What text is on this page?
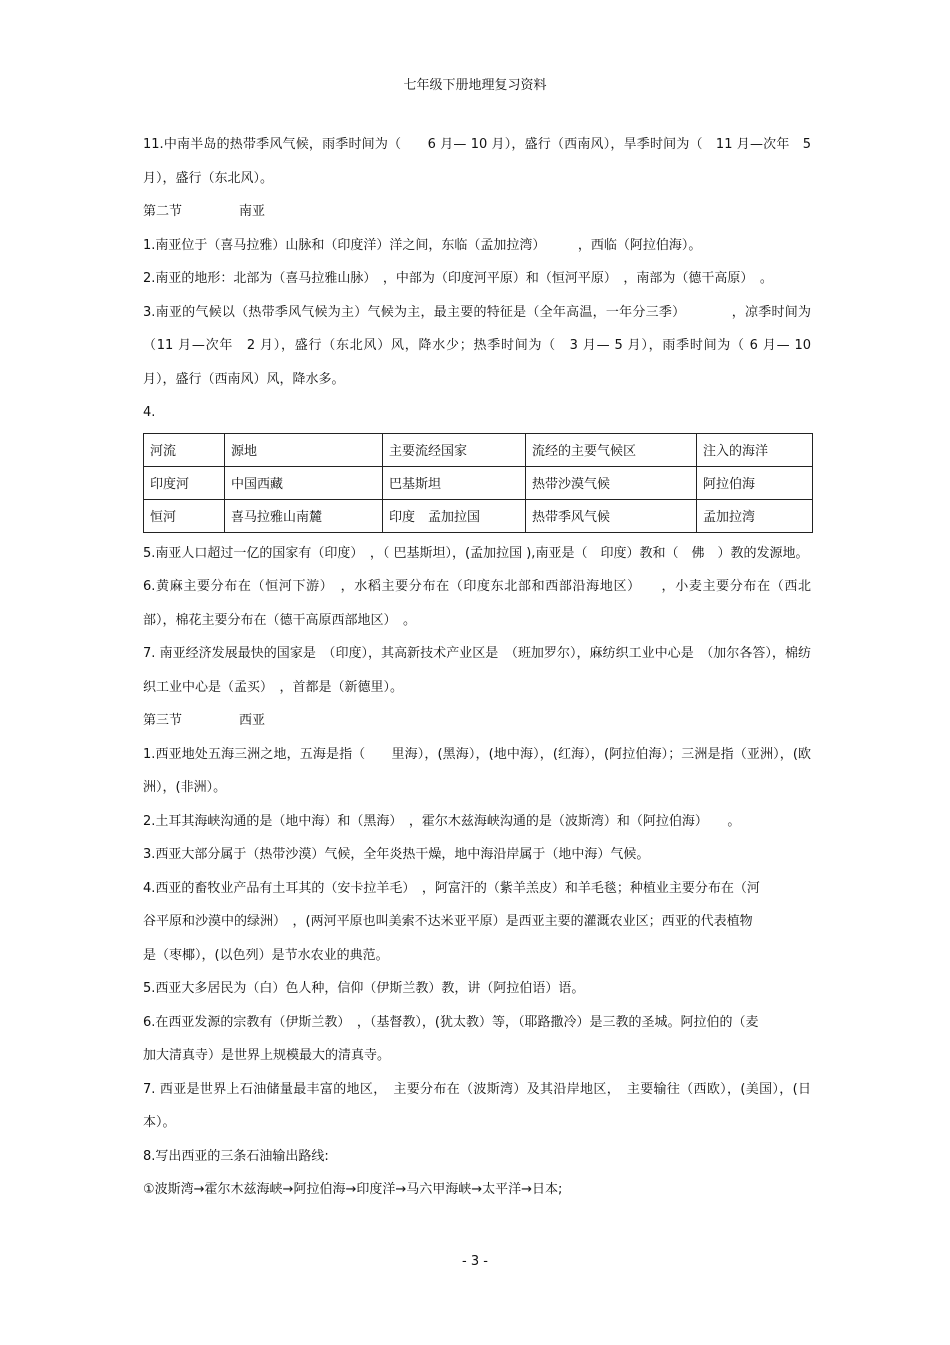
七年级下册地理复习资料

11.中南半岛的热带季风气候，雨季时间为（　　6 月— 10 月），盛行（西南风），旱季时间为（　11 月—次年　5 月），盛行（东北风）。

第二节	南亚

1.南亚位于（喜马拉雅）山脉和（印度洋）洋之间，东临（孟加拉湾）　　　，西临（阿拉伯海）。

2.南亚的地形：北部为（喜马拉雅山脉）　，中部为（印度河平原）和（恒河平原）　，南部为（德干高原）　。

3.南亚的气候以（热带季风气候为主）气候为主，最主要的特征是（全年高温，一年分三季）　　　　，凉季时间为（11 月—次年　2 月），盛行（东北风）风，降水少；热季时间为（　3 月— 5 月），雨季时间为（ 6 月— 10 月），盛行（西南风）风，降水多。

4.

河流	源地	主要流经国家	流经的主要气候区	注入的海洋
印度河	中国西藏	巴基斯坦	热带沙漠气候	阿拉伯海
恒河	喜马拉雅山南麓	印度　孟加拉国	热带季风气候	孟加拉湾

5.南亚人口超过一亿的国家有（印度）　，（ 巴基斯坦），(孟加拉国 ),南亚是（　印度）教和（　佛　）教的发源地。

6.黄麻主要分布在（恒河下游）　，水稻主要分布在（印度东北部和西部沿海地区）　　，小麦主要分布在（西北部），棉花主要分布在（德干高原西部地区）　。

7. 南亚经济发展最快的国家是　（印度），其高新技术产业区是　（班加罗尔），麻纺织工业中心是　（加尔各答），棉纺织工业中心是（孟买）　，首都是（新德里）。

第三节	西亚

1.西亚地处五海三洲之地，五海是指（　　里海），(黑海），(地中海），(红海），(阿拉伯海）；三洲是指（亚洲），(欧洲），(非洲）。

2.土耳其海峡沟通的是（地中海）和（黑海）　，霍尔木兹海峡沟通的是（波斯湾）和（阿拉伯海）　　。

3.西亚大部分属于（热带沙漠）气候，全年炎热干燥，地中海沿岸属于（地中海）气候。

4.西亚的畜牧业产品有土耳其的（安卡拉羊毛）　，阿富汗的（紫羊羔皮）和羊毛毯；种植业主要分布在（河

谷平原和沙漠中的绿洲）　，(两河平原也叫美索不达米亚平原）是西亚主要的灌溉农业区；西亚的代表植物

是（枣椰），(以色列）是节水农业的典范。

5.西亚大多居民为（白）色人种，信仰（伊斯兰教）教，讲（阿拉伯语）语。

6.在西亚发源的宗教有（伊斯兰教）　，（基督教），(犹太教）等，（耶路撒冷）是三教的圣城。阿拉伯的（麦

加大清真寺）是世界上规模最大的清真寺。

7. 西亚是世界上石油储量最丰富的地区，　主要分布在（波斯湾）及其沿岸地区，　主要输往（西欧），(美国），(日本）。

8.写出西亚的三条石油输出路线:

①波斯湾→霍尔木兹海峡→阿拉伯海→印度洋→马六甲海峡→太平洋→日本;

- 3 -
